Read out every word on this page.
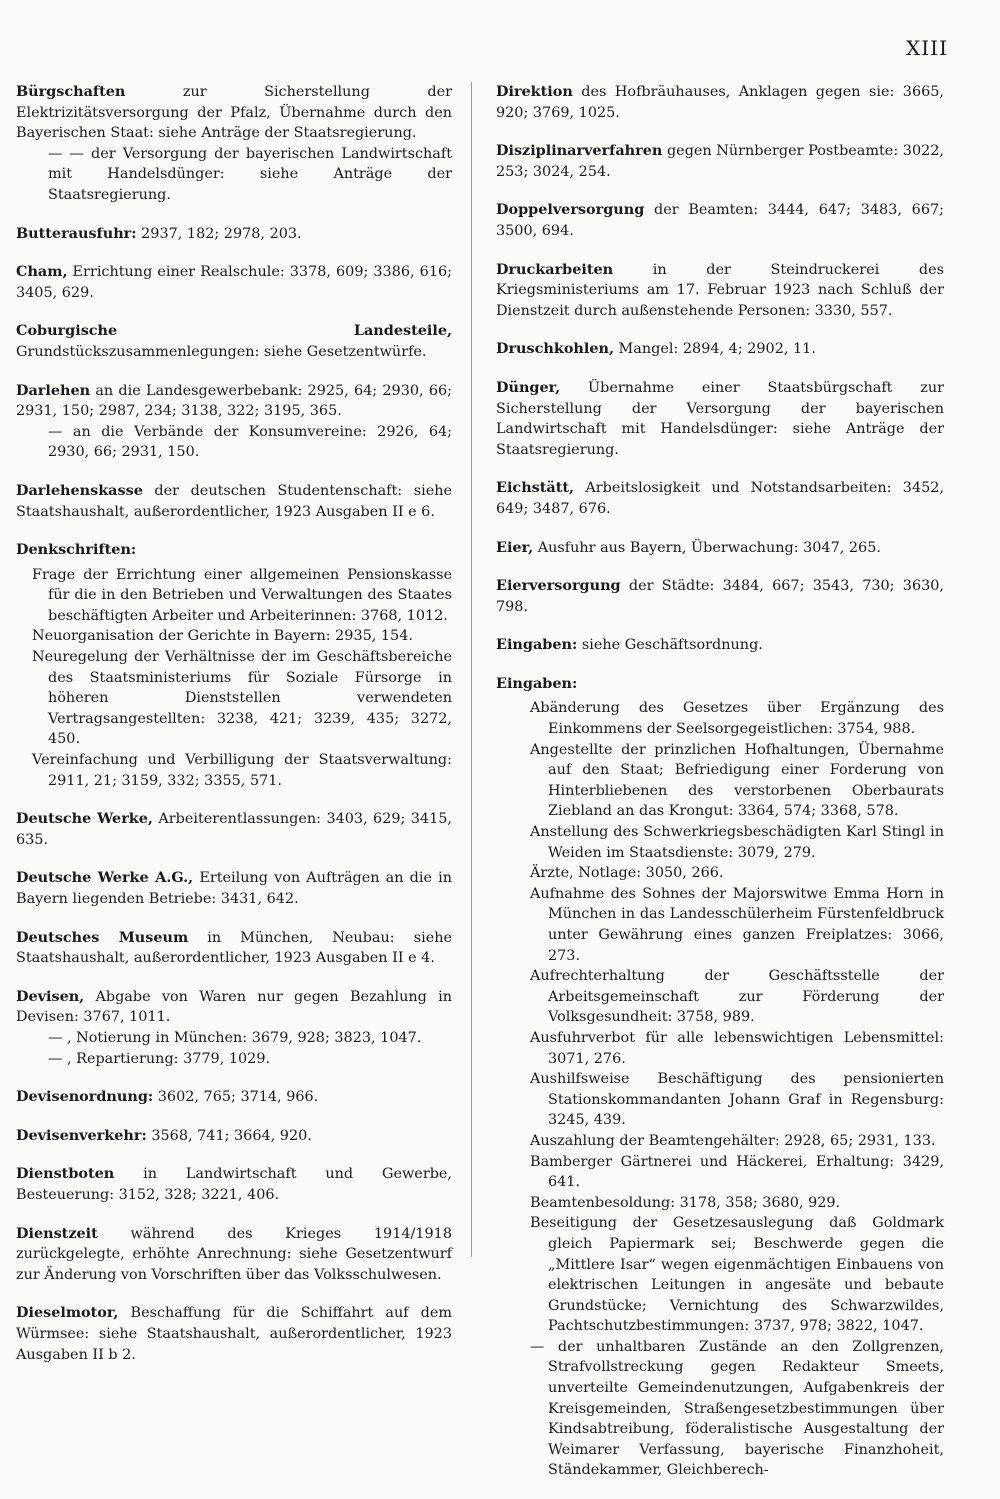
XIII
Bürgschaften zur Sicherstellung der Elektrizitätsversorgung der Pfalz, Übernahme durch den Bayerischen Staat: siehe Anträge der Staatsregierung.
— — der Versorgung der bayerischen Landwirtschaft mit Handelsdünger: siehe Anträge der Staatsregierung.
Butterausfuhr: 2937, 182; 2978, 203.
Cham, Errichtung einer Realschule: 3378, 609; 3386, 616; 3405, 629.
Coburgische Landesteile, Grundstückszusammenlegungen: siehe Gesetzentwürfe.
Darlehen an die Landesgewerbebank: 2925, 64; 2930, 66; 2931, 150; 2987, 234; 3138, 322; 3195, 365.
— an die Verbände der Konsumvereine: 2926, 64; 2930, 66; 2931, 150.
Darlehenskasse der deutschen Studentenschaft: siehe Staatshaushalt, außerordentlicher, 1923 Ausgaben II e 6.
Denkschriften:
Frage der Errichtung einer allgemeinen Pensionskasse für die in den Betrieben und Verwaltungen des Staates beschäftigten Arbeiter und Arbeiterinnen: 3768, 1012.
Neuorganisation der Gerichte in Bayern: 2935, 154.
Neuregelung der Verhältnisse der im Geschäftsbereiche des Staatsministeriums für Soziale Fürsorge in höheren Dienststellen verwendeten Vertragsangestellten: 3238, 421; 3239, 435; 3272, 450.
Vereinfachung und Verbilligung der Staatsverwaltung: 2911, 21; 3159, 332; 3355, 571.
Deutsche Werke, Arbeiterentlassungen: 3403, 629; 3415, 635.
Deutsche Werke A.G., Erteilung von Aufträgen an die in Bayern liegenden Betriebe: 3431, 642.
Deutsches Museum in München, Neubau: siehe Staatshaushalt, außerordentlicher, 1923 Ausgaben II e 4.
Devisen, Abgabe von Waren nur gegen Bezahlung in Devisen: 3767, 1011.
— , Notierung in München: 3679, 928; 3823, 1047.
— , Repartierung: 3779, 1029.
Devisenordnung: 3602, 765; 3714, 966.
Devisenverkehr: 3568, 741; 3664, 920.
Dienstboten in Landwirtschaft und Gewerbe, Besteuerung: 3152, 328; 3221, 406.
Dienstzeit während des Krieges 1914/1918 zurückgelegte, erhöhte Anrechnung: siehe Gesetzentwurf zur Änderung von Vorschriften über das Volksschulwesen.
Dieselmotor, Beschaffung für die Schiffahrt auf dem Würmsee: siehe Staatshaushalt, außerordentlicher, 1923 Ausgaben II b 2.
Direktion des Hofbräuhauses, Anklagen gegen sie: 3665, 920; 3769, 1025.
Disziplinarverfahren gegen Nürnberger Postbeamte: 3022, 253; 3024, 254.
Doppelversorgung der Beamten: 3444, 647; 3483, 667; 3500, 694.
Druckarbeiten in der Steindruckerei des Kriegsministeriums am 17. Februar 1923 nach Schluß der Dienstzeit durch außenstehende Personen: 3330, 557.
Druschkohlen, Mangel: 2894, 4; 2902, 11.
Dünger, Übernahme einer Staatsbürgschaft zur Sicherstellung der Versorgung der bayerischen Landwirtschaft mit Handelsdünger: siehe Anträge der Staatsregierung.
Eichstätt, Arbeitslosigkeit und Notstandsarbeiten: 3452, 649; 3487, 676.
Eier, Ausfuhr aus Bayern, Überwachung: 3047, 265.
Eierversorgung der Städte: 3484, 667; 3543, 730; 3630, 798.
Eingaben: siehe Geschäftsordnung.
Eingaben:
Abänderung des Gesetzes über Ergänzung des Einkommens der Seelsorgegeistlichen: 3754, 988.
Angestellte der prinzlichen Hofhaltungen, Übernahme auf den Staat; Befriedigung einer Forderung von Hinterbliebenen des verstorbenen Oberbaurats Ziebland an das Krongut: 3364, 574; 3368, 578.
Anstellung des Schwerkriegsbeschädigten Karl Stingl in Weiden im Staatsdienste: 3079, 279.
Ärzte, Notlage: 3050, 266.
Aufnahme des Sohnes der Majorswitwe Emma Horn in München in das Landesschülerheim Fürstenfeldbruck unter Gewährung eines ganzen Freiplatzes: 3066, 273.
Aufrechterhaltung der Geschäftsstelle der Arbeitsgemeinschaft zur Förderung der Volksgesundheit: 3758, 989.
Ausfuhrverbot für alle lebenswichtigen Lebensmittel: 3071, 276.
Aushilfsweise Beschäftigung des pensionierten Stationskommandanten Johann Graf in Regensburg: 3245, 439.
Auszahlung der Beamtengehälter: 2928, 65; 2931, 133.
Bamberger Gärtnerei und Häckerei, Erhaltung: 3429, 641.
Beamtenbesoldung: 3178, 358; 3680, 929.
Beseitigung der Gesetzesauslegung daß Goldmark gleich Papiermark sei; Beschwerde gegen die „Mittlere Isar“ wegen eigenmächtigen Einbauens von elektrischen Leitungen in angesäte und bebaute Grundstücke; Vernichtung des Schwarzwildes, Pachtschutzbestimmungen: 3737, 978; 3822, 1047.
— der unhaltbaren Zustände an den Zollgrenzen, Strafvollstreckung gegen Redakteur Smeets, unverteilte Gemeindenutzungen, Aufgabenkreis der Kreisgemeinden, Straßengesetzbestimmungen über Kindsabtreibung, föderalistische Ausgestaltung der Weimarer Verfassung, bayerische Finanzhoheit, Ständekammer, Gleichberech-
